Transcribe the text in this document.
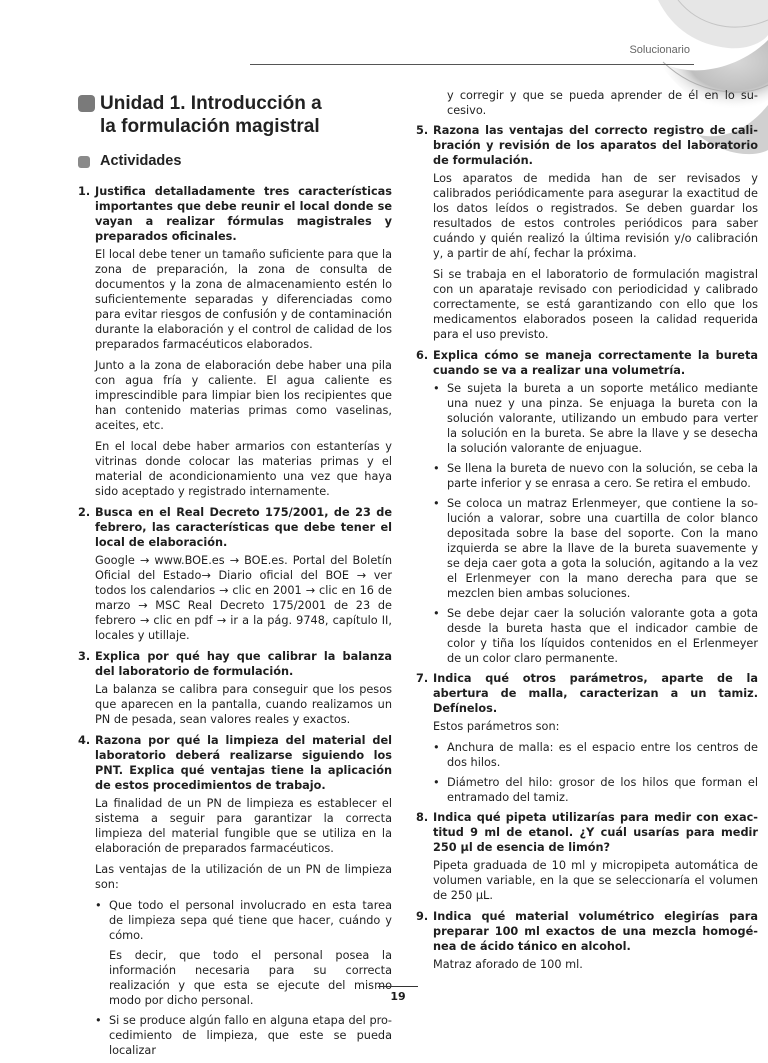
Solucionario
Unidad 1. Introducción a
la formulación magistral
Actividades
1. Justifica detalladamente tres características importantes que debe reunir el local donde se vayan a realizar fórmulas magistrales y preparados oficinales.
El local debe tener un tamaño suficiente para que la zona de preparación, la zona de consulta de documentos y la zona de almacenamiento estén lo suficientemente separadas y diferenciadas como para evitar riesgos de confusión y de contaminación durante la elaboración y el control de calidad de los preparados farmacéuticos elaborados.
Junto a la zona de elaboración debe haber una pila con agua fría y caliente. El agua caliente es imprescindible para limpiar bien los recipientes que han contenido materias primas como vaselinas, aceites, etc.
En el local debe haber armarios con estanterías y vitrinas donde colocar las materias primas y el material de acondicionamiento una vez que haya sido aceptado y registrado internamente.
2. Busca en el Real Decreto 175/2001, de 23 de febrero, las características que debe tener el local de elaboración.
Google → www.BOE.es → BOE.es. Portal del Boletín Oficial del Estado→ Diario oficial del BOE → ver todos los calendarios → clic en 2001 → clic en 16 de marzo → MSC Real Decreto 175/2001 de 23 de febrero → clic en pdf → ir a la pág. 9748, capítulo II, locales y utillaje.
3. Explica por qué hay que calibrar la balanza del laboratorio de formulación.
La balanza se calibra para conseguir que los pesos que aparecen en la pantalla, cuando realizamos un PN de pesada, sean valores reales y exactos.
4. Razona por qué la limpieza del material del laboratorio deberá realizarse siguiendo los PNT. Explica qué ventajas tiene la aplicación de estos procedimientos de trabajo.
La finalidad de un PN de limpieza es establecer el sistema a seguir para garantizar la correcta limpieza del material fungible que se utiliza en la elaboración de preparados farmacéuticos.
Las ventajas de la utilización de un PN de limpieza son:
• Que todo el personal involucrado en esta tarea de limpieza sepa qué tiene que hacer, cuándo y cómo.
Es decir, que todo el personal posea la información necesaria para su correcta realización y que esta se ejecute del mismo modo por dicho personal.
• Si se produce algún fallo en alguna etapa del procedimiento de limpieza, que este se pueda localizar
y corregir y que se pueda aprender de él en lo sucesivo.
5. Razona las ventajas del correcto registro de calibración y revisión de los aparatos del laboratorio de formulación.
Los aparatos de medida han de ser revisados y calibrados periódicamente para asegurar la exactitud de los datos leídos o registrados. Se deben guardar los resultados de estos controles periódicos para saber cuándo y quién realizó la última revisión y/o calibración y, a partir de ahí, fechar la próxima.
Si se trabaja en el laboratorio de formulación magistral con un aparataje revisado con periodicidad y calibrado correctamente, se está garantizando con ello que los medicamentos elaborados poseen la calidad requerida para el uso previsto.
6. Explica cómo se maneja correctamente la bureta cuando se va a realizar una volumetría.
• Se sujeta la bureta a un soporte metálico mediante una nuez y una pinza. Se enjuaga la bureta con la solución valorante, utilizando un embudo para verter la solución en la bureta. Se abre la llave y se desecha la solución valorante de enjuague.
• Se llena la bureta de nuevo con la solución, se ceba la parte inferior y se enrasa a cero. Se retira el embudo.
• Se coloca un matraz Erlenmeyer, que contiene la solución a valorar, sobre una cuartilla de color blanco depositada sobre la base del soporte. Con la mano izquierda se abre la llave de la bureta suavemente y se deja caer gota a gota la solución, agitando a la vez el Erlenmeyer con la mano derecha para que se mezclen bien ambas soluciones.
• Se debe dejar caer la solución valorante gota a gota desde la bureta hasta que el indicador cambie de color y tiña los líquidos contenidos en el Erlenmeyer de un color claro permanente.
7. Indica qué otros parámetros, aparte de la abertura de malla, caracterizan a un tamiz. Defínelos.
Estos parámetros son:
• Anchura de malla: es el espacio entre los centros de dos hilos.
• Diámetro del hilo: grosor de los hilos que forman el entramado del tamiz.
8. Indica qué pipeta utilizarías para medir con exactitud 9 ml de etanol. ¿Y cuál usarías para medir 250 µl de esencia de limón?
Pipeta graduada de 10 ml y micropipeta automática de volumen variable, en la que se seleccionaría el volumen de 250 µL.
9. Indica qué material volumétrico elegirías para preparar 100 ml exactos de una mezcla homogénea de ácido tánico en alcohol.
Matraz aforado de 100 ml.
19
